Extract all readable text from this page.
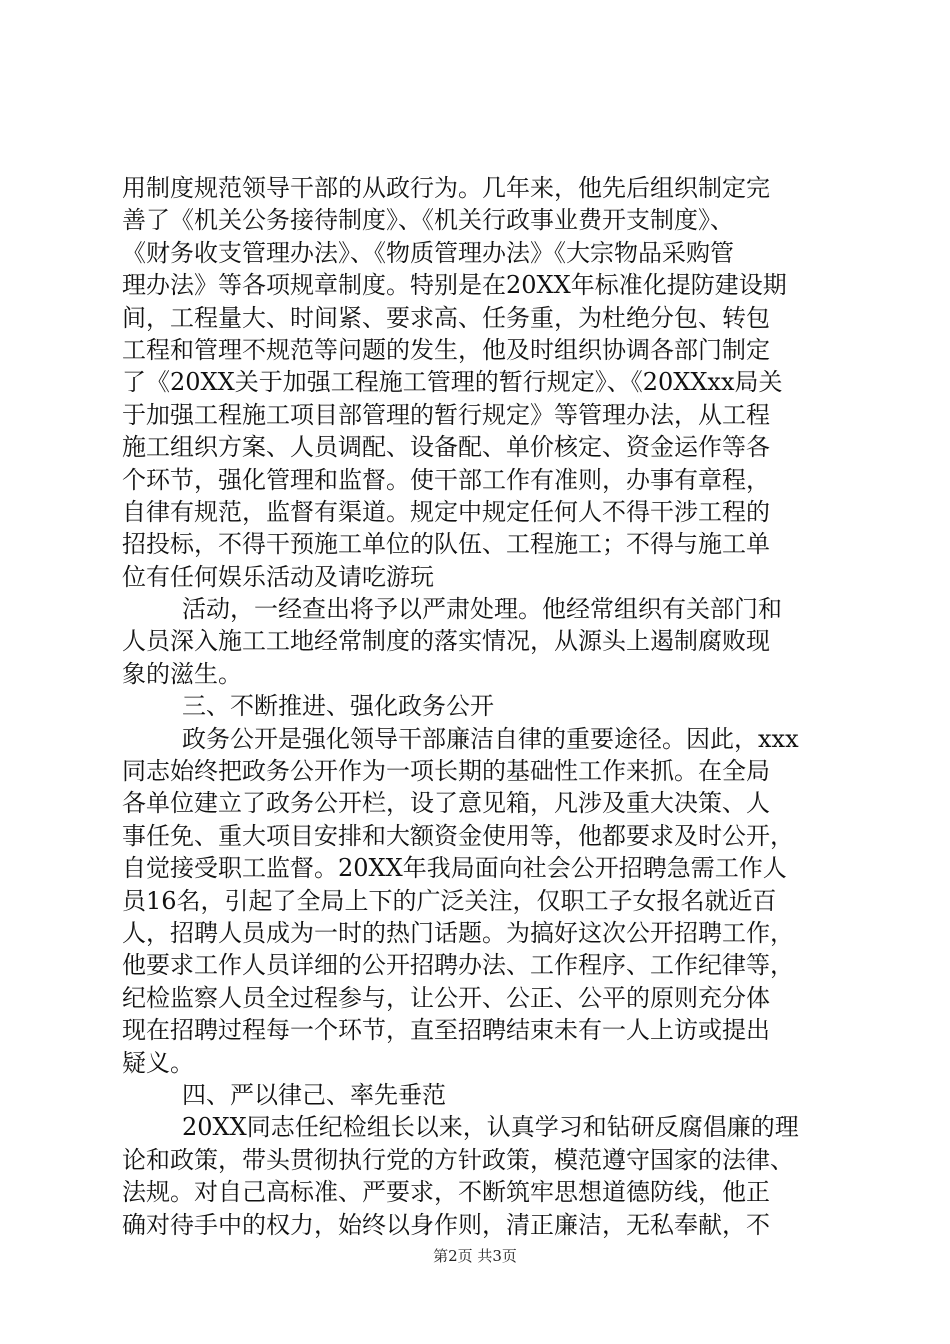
用制度规范领导干部的从政行为。几年来，他先后组织制定完
善了《机关公务接待制度》、《机关行政事业费开支制度》、
《财务收支管理办法》、《物质管理办法》《大宗物品采购管
理办法》等各项规章制度。特别是在20XX年标准化提防建设期
间，工程量大、时间紧、要求高、任务重，为杜绝分包、转包
工程和管理不规范等问题的发生，他及时组织协调各部门制定
了《20XX关于加强工程施工管理的暂行规定》、《20XXxx局关
于加强工程施工项目部管理的暂行规定》等管理办法，从工程
施工组织方案、人员调配、设备配、单价核定、资金运作等各
个环节，强化管理和监督。使干部工作有准则，办事有章程，
自律有规范，监督有渠道。规定中规定任何人不得干涉工程的
招投标，不得干预施工单位的队伍、工程施工；不得与施工单
位有任何娱乐活动及请吃游玩
活动，一经查出将予以严肃处理。他经常组织有关部门和
人员深入施工工地经常制度的落实情况，从源头上遏制腐败现
象的滋生。
三、不断推进、强化政务公开
政务公开是强化领导干部廉洁自律的重要途径。因此，xxx
同志始终把政务公开作为一项长期的基础性工作来抓。在全局
各单位建立了政务公开栏，设了意见箱，凡涉及重大决策、人
事任免、重大项目安排和大额资金使用等，他都要求及时公开，
自觉接受职工监督。20XX年我局面向社会公开招聘急需工作人
员16名，引起了全局上下的广泛关注，仅职工子女报名就近百
人，招聘人员成为一时的热门话题。为搞好这次公开招聘工作，
他要求工作人员详细的公开招聘办法、工作程序、工作纪律等，
纪检监察人员全过程参与，让公开、公正、公平的原则充分体
现在招聘过程每一个环节，直至招聘结束未有一人上访或提出
疑义。
四、严以律己、率先垂范
20XX同志任纪检组长以来，认真学习和钻研反腐倡廉的理
论和政策，带头贯彻执行党的方针政策，模范遵守国家的法律、
法规。对自己高标准、严要求，不断筑牢思想道德防线，他正
确对待手中的权力，始终以身作则，清正廉洁，无私奉献，不
第2页 共3页
